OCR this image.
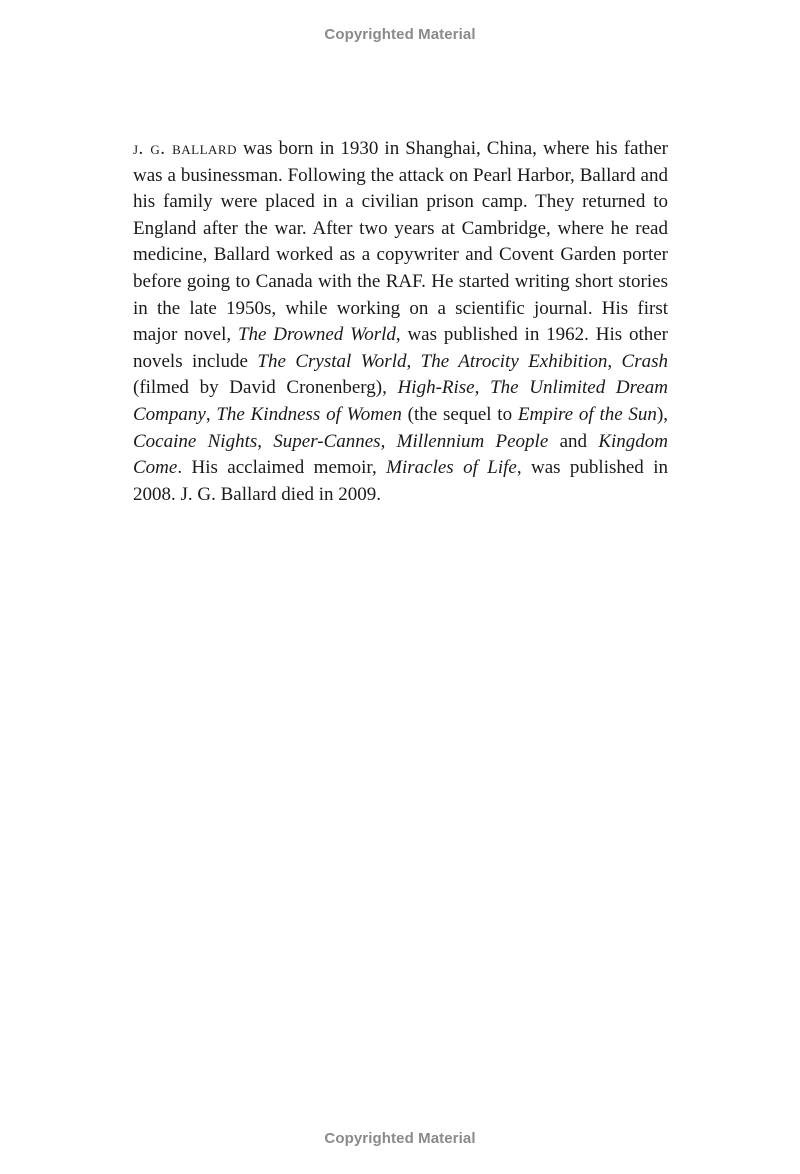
Copyrighted Material

j. g. ballard was born in 1930 in Shanghai, China, where his father was a businessman. Following the attack on Pearl Harbor, Ballard and his family were placed in a civilian prison camp. They returned to England after the war. After two years at Cambridge, where he read medicine, Ballard worked as a copywriter and Covent Garden porter before going to Canada with the RAF. He started writing short stories in the late 1950s, while working on a scientific journal. His first major novel, The Drowned World, was published in 1962. His other novels include The Crystal World, The Atrocity Exhibition, Crash (filmed by David Cronenberg), High-Rise, The Unlimited Dream Company, The Kindness of Women (the sequel to Empire of the Sun), Cocaine Nights, Super-Cannes, Millennium People and Kingdom Come. His acclaimed memoir, Miracles of Life, was published in 2008. J. G. Ballard died in 2009.

Copyrighted Material
